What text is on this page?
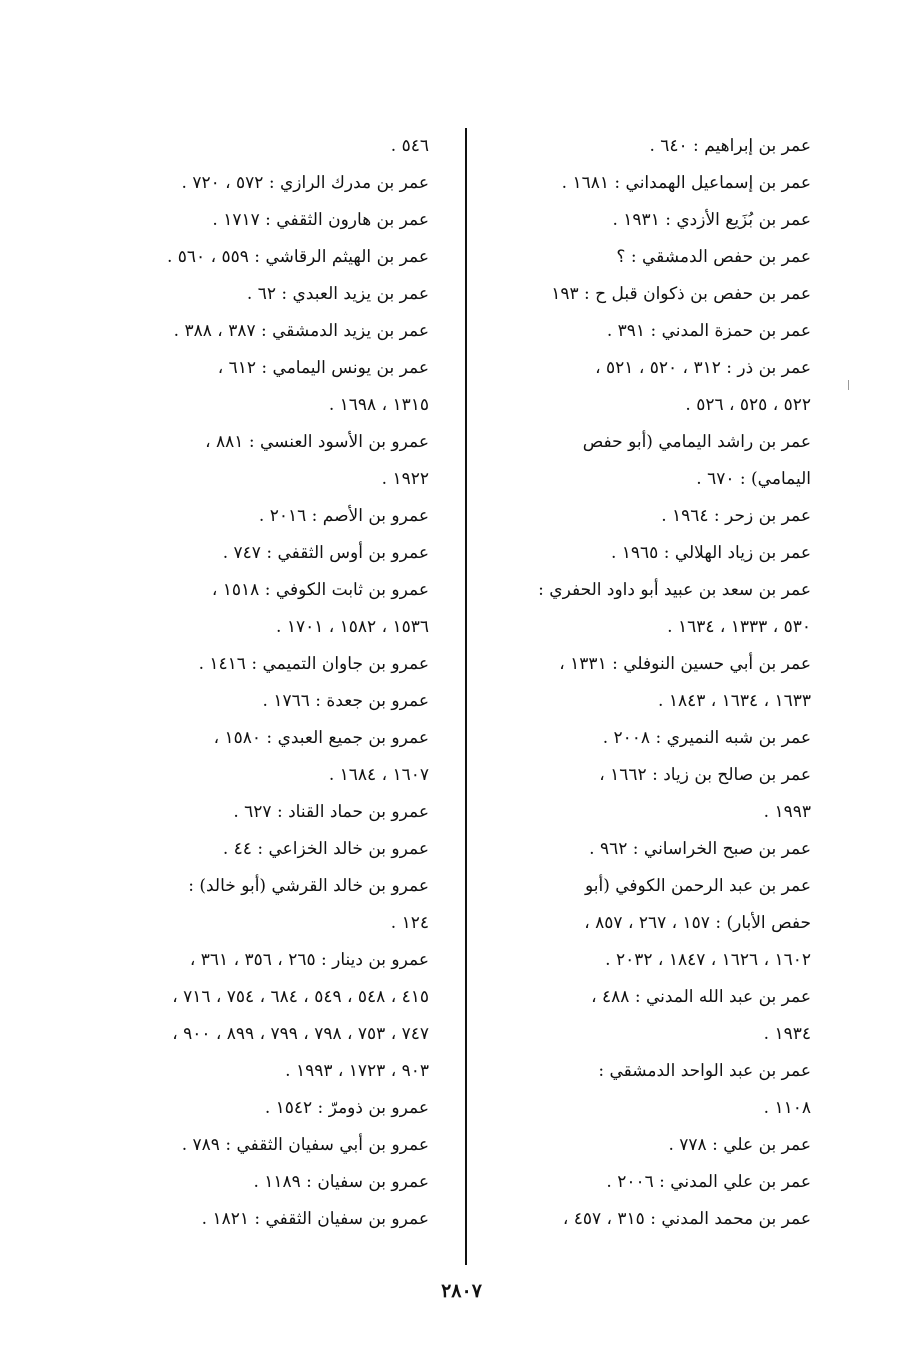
عمر بن إبراهيم : ٦٤٠ .
عمر بن إسماعيل الهمداني : ١٦٨١ .
عمر بن بُزَيع الأزدي : ١٩٣١ .
عمر بن حفص الدمشقي : ؟
عمر بن حفص بن ذكوان قبل ح : ١٩٣
عمر بن حمزة المدني : ٣٩١ .
عمر بن ذر : ٣١٢ ، ٥٢٠ ، ٥٢١ ،
٥٢٢ ، ٥٢٥ ، ٥٢٦ .
عمر بن راشد اليمامي (أبو حفص
اليمامي) : ٦٧٠ .
عمر بن زحر : ١٩٦٤ .
عمر بن زياد الهلالي : ١٩٦٥ .
عمر بن سعد بن عبيد أبو داود الحفري :
٥٣٠ ، ١٣٣٣ ، ١٦٣٤ .
عمر بن أبي حسين النوفلي : ١٣٣١ ،
١٦٣٣ ، ١٦٣٤ ، ١٨٤٣ .
عمر بن شبه النميري : ٢٠٠٨ .
عمر بن صالح بن زياد : ١٦٦٢ ،
١٩٩٣ .
عمر بن صبح الخراساني : ٩٦٢ .
عمر بن عبد الرحمن الكوفي (أبو
حفص الأبار) : ١٥٧ ، ٢٦٧ ، ٨٥٧ ،
١٦٠٢ ، ١٦٢٦ ، ١٨٤٧ ، ٢٠٣٢ .
عمر بن عبد الله المدني : ٤٨٨ ،
١٩٣٤ .
عمر بن عبد الواحد الدمشقي :
١١٠٨ .
عمر بن علي : ٧٧٨ .
عمر بن علي المدني : ٢٠٠٦ .
عمر بن محمد المدني : ٣١٥ ، ٤٥٧ ،
٥٤٦ .
عمر بن مدرك الرازي : ٥٧٢ ، ٧٢٠ .
عمر بن هارون الثقفي : ١٧١٧ .
عمر بن الهيثم الرقاشي : ٥٥٩ ، ٥٦٠ .
عمر بن يزيد العبدي : ٦٢ .
عمر بن يزيد الدمشقي : ٣٨٧ ، ٣٨٨ .
عمر بن يونس اليمامي : ٦١٢ ،
١٣١٥ ، ١٦٩٨ .
عمرو بن الأسود العنسي : ٨٨١ ،
١٩٢٢ .
عمرو بن الأصم : ٢٠١٦ .
عمرو بن أوس الثقفي : ٧٤٧ .
عمرو بن ثابت الكوفي : ١٥١٨ ،
١٥٣٦ ، ١٥٨٢ ، ١٧٠١ .
عمرو بن جاوان التميمي : ١٤١٦ .
عمرو بن جعدة : ١٧٦٦ .
عمرو بن جميع العبدي : ١٥٨٠ ،
١٦٠٧ ، ١٦٨٤ .
عمرو بن حماد القناد : ٦٢٧ .
عمرو بن خالد الخزاعي : ٤٤ .
عمرو بن خالد القرشي (أبو خالد) :
١٢٤ .
عمرو بن دينار : ٢٦٥ ، ٣٥٦ ، ٣٦١ ،
٤١٥ ، ٥٤٨ ، ٥٤٩ ، ٦٨٤ ، ٧٥٤ ، ٧١٦ ،
٧٤٧ ، ٧٥٣ ، ٧٩٨ ، ٧٩٩ ، ٨٩٩ ، ٩٠٠ ،
٩٠٣ ، ١٧٢٣ ، ١٩٩٣ .
عمرو بن ذومرّ : ١٥٤٢ .
عمرو بن أبي سفيان الثقفي : ٧٨٩ .
عمرو بن سفيان : ١١٨٩ .
عمرو بن سفيان الثقفي : ١٨٢١ .
٢٨٠٧
